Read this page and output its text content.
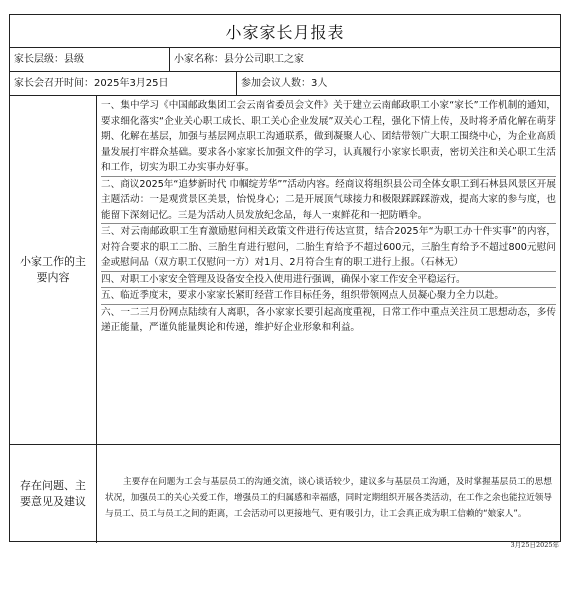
小家家长月报表
家长层级：县级	小家名称：县分公司职工之家
家长会召开时间：2025年3月25日	参加会议人数：3人
小家工作的主要内容

一、集中学习《中国邮政集团工会云南省委员会文件》关于建立云南邮政职工小家“家长”工作机制的通知，要求细化落实“企业关心职工成长、职工关心企业发展”双关心工程，强化下情上传，及时将矛盾化解在萌芽期、化解在基层，加强与基层网点职工沟通联系，做到凝聚人心、团结带领广大职工围绕中心，为企业高质量发展打牢群众基础。要求各小家家长加强文件的学习，认真履行小家家长职责，密切关注和关心职工生活和工作，切实为职工办实事办好事。

二、商议2025年“追梦新时代 巾帼绽芳华””活动内容。经商议将组织县公司全体女职工到石林县风景区开展主题活动：一是观赏景区美景，怡悦身心；二是开展顶气球接力和极限踩踩踩游戏，提高大家的参与度，也能留下深刻记忆。三是为活动人员发放纪念品，每人一束鲜花和一把防晒伞。

三、对云南邮政职工生育激励慰问相关政策文件进行传达宣贯，结合2025年“为职工办十件实事”的内容，对符合要求的职工二胎、三胎生育进行慰问，二胎生育给予不超过600元，三胎生育给予不超过800元慰问金或慰问品（双方职工仅慰问一方）对1月、2月符合生育的职工进行上报。（石林无）

四、对职工小家安全管理及设备安全投入使用进行强调，确保小家工作安全平稳运行。

五、临近季度末，要求小家家长紧盯经营工作目标任务，组织带领网点人员凝心聚力全力以赴。

六、一二三月份网点陆续有人离职，各小家家长要引起高度重视，日常工作中重点关注员工思想动态，多传递正能量，严谨负能量舆论和传递，维护好企业形象和利益。

存在问题、主要意见及建议
主要存在问题为工会与基层员工的沟通交流，谈心谈话较少，建议多与基层员工沟通，及时掌握基层员工的思想状况，加强员工的关心关爱工作，增强员工的归属感和幸福感，同时定期组织开展各类活动，在工作之余也能拉近领导与员工、员工与员工之间的距离，工会活动可以更接地气、更有吸引力，让工会真正成为职工信赖的“娘家人”。
3月25日2025年
